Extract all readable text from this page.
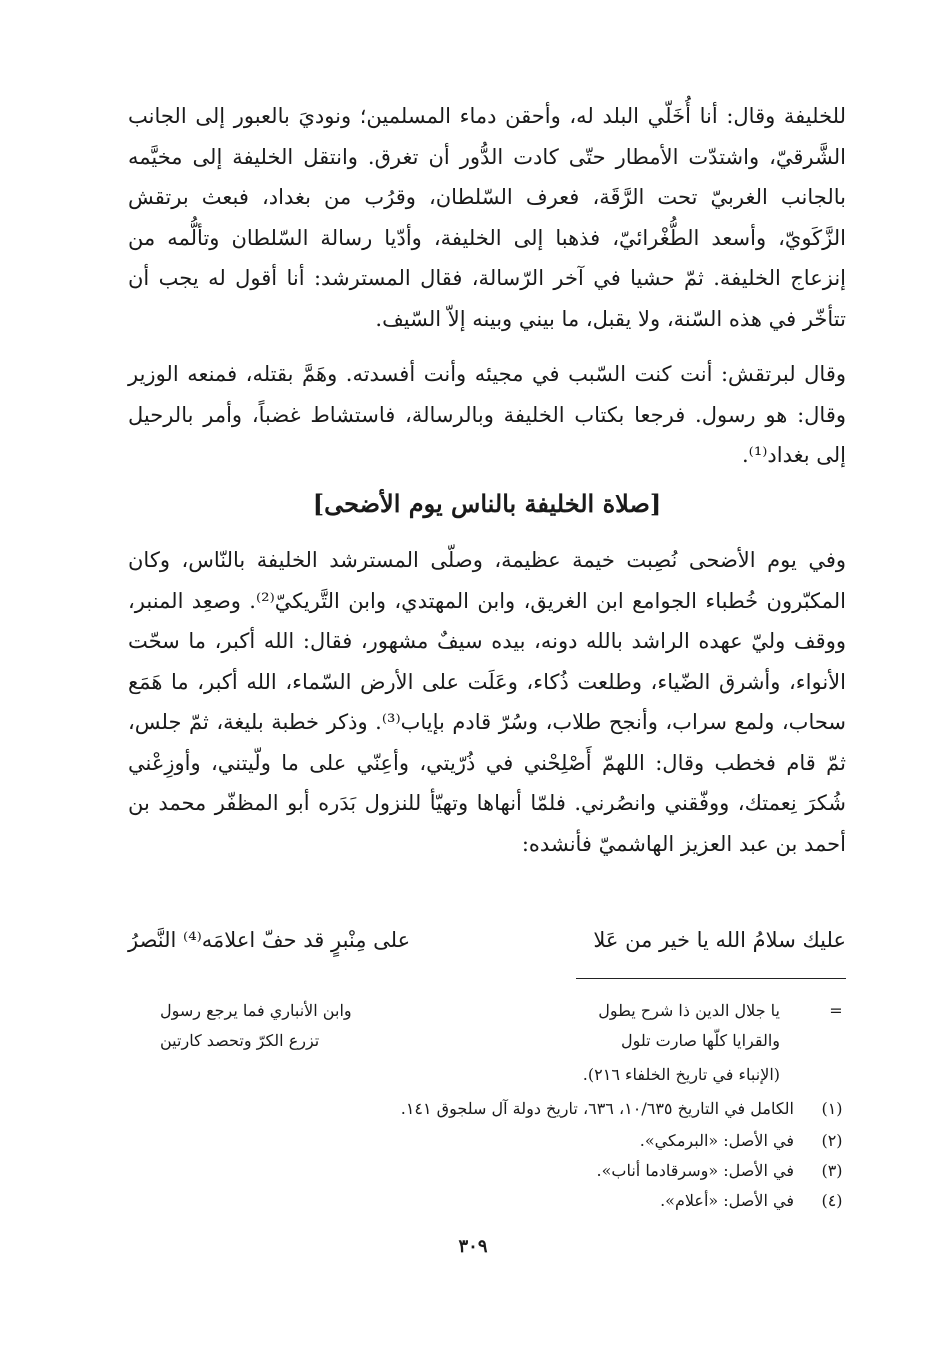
للخليفة وقال: أنا أُخَلّي البلد له، وأحقن دماء المسلمين؛ ونوديَ بالعبور إلى الجانب الشَّرقيّ، واشتدّت الأمطار حتّى كادت الدُّور أن تغرق. وانتقل الخليفة إلى مخيَّمه بالجانب الغربيّ تحت الرَّقَة، فعرف السّلطان، وقرُب من بغداد، فبعث برتقش الزَّكَويّ، وأسعد الطُّغْرائيّ، فذهبا إلى الخليفة، وأدّيا رسالة السّلطان وتألُّمه من إنزعاج الخليفة. ثمّ حشيا في آخر الرّسالة، فقال المسترشد: أنا أقول له يجب أن تتأخّر في هذه السّنة، ولا يقبل، ما بيني وبينه إلاّ السّيف.

وقال لبرتقش: أنت كنت السّبب في مجيئه وأنت أفسدته. وهَمَّ بقتله، فمنعه الوزير وقال: هو رسول. فرجعا بكتاب الخليفة وبالرسالة، فاستشاط غضباً، وأمر بالرحيل إلى بغداد⁽¹⁾.

[صلاة الخليفة بالناس يوم الأضحى]

وفي يوم الأضحى نُصِبت خيمة عظيمة، وصلّى المسترشد الخليفة بالنّاس، وكان المكبّرون خُطباء الجوامع ابن الغريق، وابن المهتدي، وابن التَّريكيّ⁽²⁾. وصعِد المنبر، ووقف وليّ عهده الراشد بالله دونه، بيده سيفٌ مشهور، فقال: الله أكبر، ما سحّت الأنواء، وأشرق الضّياء، وطلعت ذُكاء، وعَلَت على الأرض السّماء، الله أكبر، ما هَمَع سحاب، ولمع سراب، وأنجح طلاب، وسُرّ قادم بإياب⁽³⁾. وذكر خطبة بليغة، ثمّ جلس، ثمّ قام فخطب وقال: اللهمّ أَصْلِحْني في ذُرّيتي، وأعِنّي على ما ولّيتني، وأوزِعْني شُكرَ نِعمتك، ووفّقني وانصُرني. فلمّا أنهاها وتهيّأ للنزول بَدَره أبو المظفّر محمد بن أحمد بن عبد العزيز الهاشميّ فأنشده:

عليك سلامُ الله يا خير من عَلا
على مِنْبرٍ قد حفّ اعلامَه⁽⁴⁾ النَّصرُ
=
يا جلال الدين ذا شرح يطول
وابن الأنباري فما يرجع رسول
والقرايا كلّها صارت تلول
تزرع الكرّ وتحصد كارتين
(الإنباء في تاريخ الخلفاء ٢١٦).
(١)
الكامل في التاريخ ١٠/٦٣٥، ٦٣٦، تاريخ دولة آل سلجوق ١٤١.
(٢)
في الأصل: «البرمكي».
(٣)
في الأصل: «وسرقادما أناب».
(٤)
في الأصل: «أعلام».
٣٠٩
